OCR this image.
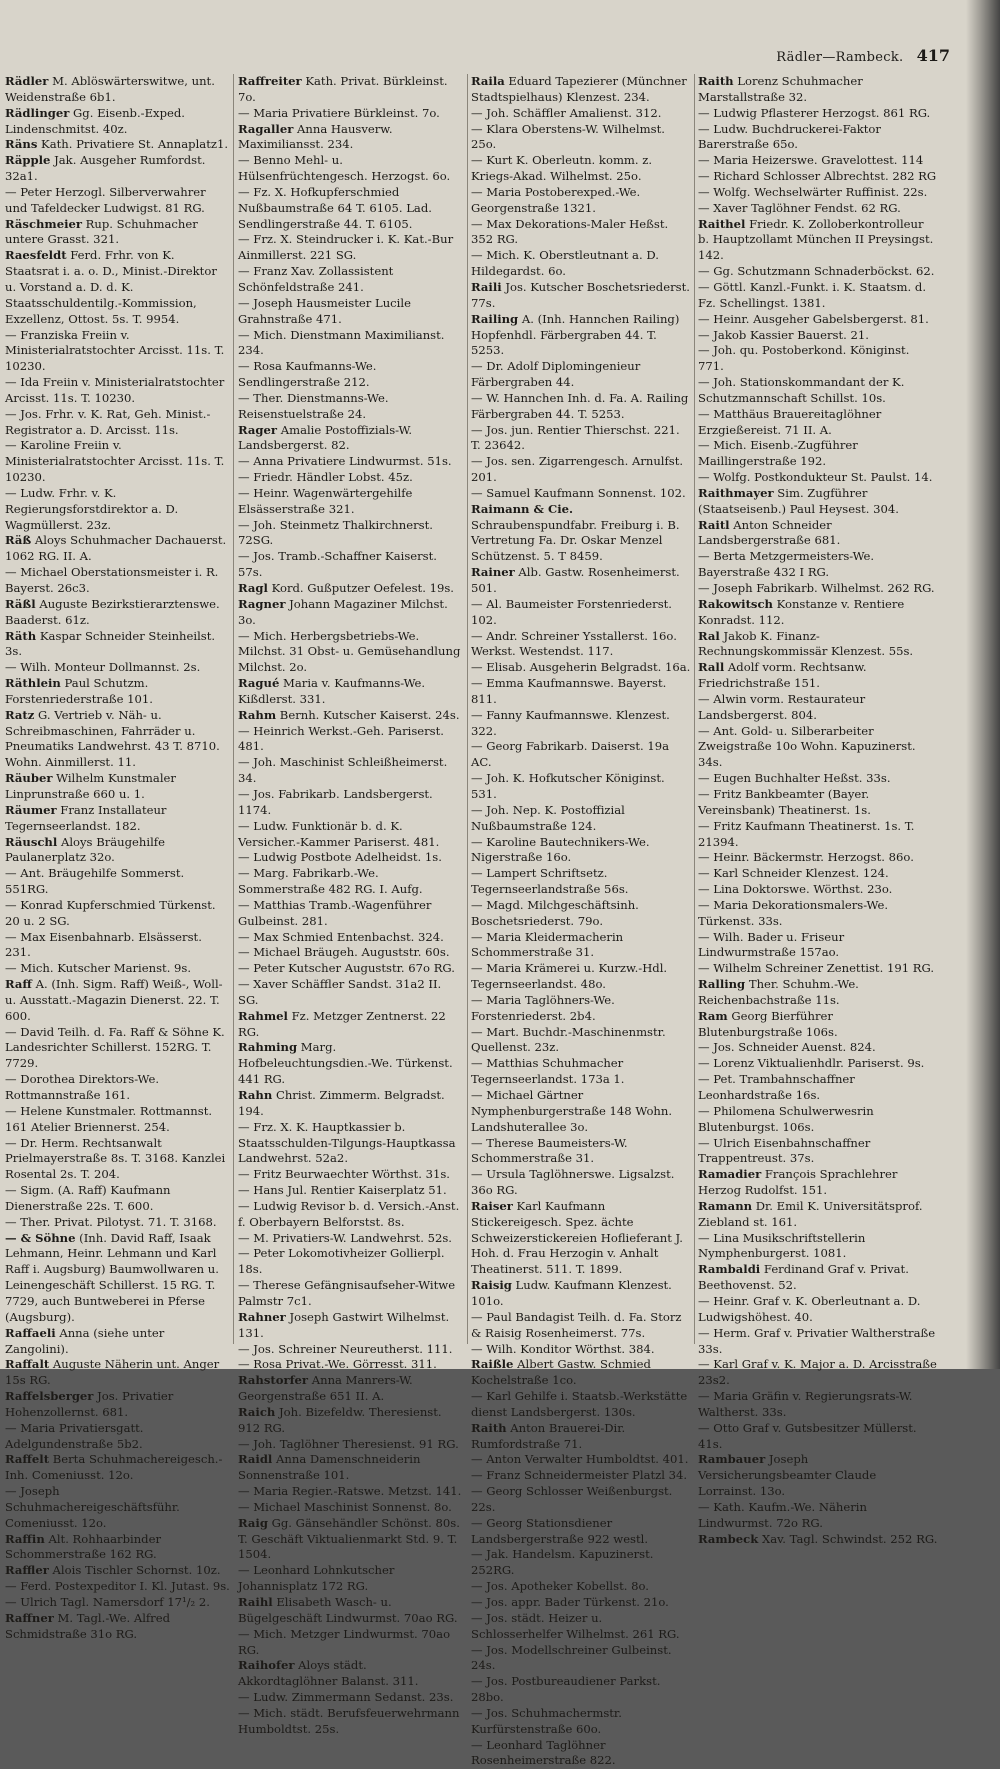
Rädler—Rambeck. 417

Rädler M. Ablöswärterswitwe, unt. Weidenstraße 6b1.

Rädlinger Gg. Eisenb.-Exped. Lindenschmitst. 40z.

Räns Kath. Privatiere St. Annaplatz1.

Räpple Jak. Ausgeher Rumfordst. 32a1.

— Peter Herzogl. Silberverwahrer und Tafeldecker Ludwigst. 81 RG.

Räschmeier Rup. Schuhmacher untere Grasst. 321.

Raesfeldt Ferd. Frhr. von K. Staatsrat i. a. o. D., Minist.-Direktor u. Vorstand a. D. d. K. Staatsschuldentilg.-Kommission, Exzellenz, Ottost. 5s. T. 9954.

— Franziska Freiin v. Ministerialratstochter Arcisst. 11s. T. 10230.

— Ida Freiin v. Ministerialratstochter Arcisst. 11s. T. 10230.

— Jos. Frhr. v. K. Rat, Geh. Minist.-Registrator a. D. Arcisst. 11s.

— Karoline Freiin v. Ministerialratstochter Arcisst. 11s. T. 10230.

— Ludw. Frhr. v. K. Regierungsforstdirektor a. D. Wagmüllerst. 23z.

Räß Aloys Schuhmacher Dachauerst. 1062 RG. II. A.

— Michael Oberstationsmeister i. R. Bayerst. 26c3.

Räßl Auguste Bezirkstierarztenswe. Baaderst. 61z.

Räth Kaspar Schneider Steinheilst. 3s.

— Wilh. Monteur Dollmannst. 2s.

Räthlein Paul Schutzm. Forstenriederstraße 101.

Ratz G. Vertrieb v. Näh- u. Schreibmaschinen, Fahrräder u. Pneumatiks Landwehrst. 43 T. 8710. Wohn. Ainmillerst. 11.

Räuber Wilhelm Kunstmaler Linprunstraße 660 u. 1.

Räumer Franz Installateur Tegernseerlandst. 182.

Räuschl Aloys Bräugehilfe Paulanerplatz 32o.

— Ant. Bräugehilfe Sommerst. 551RG.

— Konrad Kupferschmied Türkenst. 20 u. 2 SG.

— Max Eisenbahnarb. Elsässerst. 231.

— Mich. Kutscher Marienst. 9s.

Raff A. (Inh. Sigm. Raff) Weiß-, Woll- u. Ausstatt.-Magazin Dienerst. 22. T. 600.

— David Teilh. d. Fa. Raff & Söhne K. Landesrichter Schillerst. 152RG. T. 7729.

— Dorothea Direktors-We. Rottmannstraße 161.

— Helene Kunstmaler. Rottmannst. 161 Atelier Briennerst. 254.

— Dr. Herm. Rechtsanwalt Prielmayerstraße 8s. T. 3168. Kanzlei Rosental 2s. T. 204.

— Sigm. (A. Raff) Kaufmann Dienerstraße 22s. T. 600.

— Ther. Privat. Pilotyst. 71. T. 3168.

— & Söhne (Inh. David Raff, Isaak Lehmann, Heinr. Lehmann und Karl Raff i. Augsburg) Baumwollwaren u. Leinengeschäft Schillerst. 15 RG. T. 7729, auch Buntweberei in Pferse (Augsburg).

Raffaeli Anna (siehe unter Zangolini).

Raffalt Auguste Näherin unt. Anger 15s RG.

Raffelsberger Jos. Privatier Hohenzollernst. 681.

— Maria Privatiersgatt. Adelgundenstraße 5b2.

Raffelt Berta Schuhmachereigesch.-Inh. Comeniusst. 12o.

— Joseph Schuhmachereigeschäftsführ. Comeniusst. 12o.

Raffin Alt. Rohhaarbinder Schommerstraße 162 RG.

Raffler Alois Tischler Schornst. 10z.

— Ferd. Postexpeditor I. Kl. Jutast. 9s.

— Ulrich Tagl. Namersdorf 17¹/₂ 2.

Raffner M. Tagl.-We. Alfred Schmidstraße 31o RG.

Raffreiter Kath. Privat. Bürkleinst. 7o.

— Maria Privatiere Bürkleinst. 7o.

Ragaller Anna Hausverw. Maximiliansst. 234.

— Benno Mehl- u. Hülsenfrüchtengesch. Herzogst. 6o.

— Fz. X. Hofkupferschmied Nußbaumstraße 64 T. 6105. Lad. Sendlingerstraße 44. T. 6105.

— Frz. X. Steindrucker i. K. Kat.-Bur Ainmillerst. 221 SG.

— Franz Xav. Zollassistent Schönfeldstraße 241.

— Joseph Hausmeister Lucile Grahnstraße 471.

— Mich. Dienstmann Maximilianst. 234.

— Rosa Kaufmanns-We. Sendlingerstraße 212.

— Ther. Dienstmanns-We. Reisenstuelstraße 24.

Rager Amalie Postoffizials-W. Landsbergerst. 82.

— Anna Privatiere Lindwurmst. 51s.

— Friedr. Händler Lobst. 45z.

— Heinr. Wagenwärtergehilfe Elsässerstraße 321.

— Joh. Steinmetz Thalkirchnerst. 72SG.

— Jos. Tramb.-Schaffner Kaiserst. 57s.

Ragl Kord. Gußputzer Oefelest. 19s.

Ragner Johann Magaziner Milchst. 3o.

— Mich. Herbergsbetriebs-We. Milchst. 31 Obst- u. Gemüsehandlung Milchst. 2o.

Ragué Maria v. Kaufmanns-We. Kißdlerst. 331.

Rahm Bernh. Kutscher Kaiserst. 24s.

— Heinrich Werkst.-Geh. Pariserst. 481.

— Joh. Maschinist Schleißheimerst. 34.

— Jos. Fabrikarb. Landsbergerst. 1174.

— Ludw. Funktionär b. d. K. Versicher.-Kammer Pariserst. 481.

— Ludwig Postbote Adelheidst. 1s.

— Marg. Fabrikarb.-We. Sommerstraße 482 RG. I. Aufg.

— Matthias Tramb.-Wagenführer Gulbeinst. 281.

— Max Schmied Entenbachst. 324.

— Michael Bräugeh. Auguststr. 60s.

— Peter Kutscher Auguststr. 67o RG.

— Xaver Schäffler Sandst. 31a2 II. SG.

Rahmel Fz. Metzger Zentnerst. 22 RG.

Rahming Marg. Hofbeleuchtungsdien.-We. Türkenst. 441 RG.

Rahn Christ. Zimmerm. Belgradst. 194.

— Frz. X. K. Hauptkassier b. Staatsschulden-Tilgungs-Hauptkassa Landwehrst. 52a2.

— Fritz Beurwaechter Wörthst. 31s.

— Hans Jul. Rentier Kaiserplatz 51.

— Ludwig Revisor b. d. Versich.-Anst. f. Oberbayern Belforstst. 8s.

— M. Privatiers-W. Landwehrst. 52s.

— Peter Lokomotivheizer Gollierpl. 18s.

— Therese Gefängnisaufseher-Witwe Palmstr 7c1.

Rahner Joseph Gastwirt Wilhelmst. 131.

— Jos. Schreiner Neureutherst. 111.

— Rosa Privat.-We. Görresst. 311.

Rahstorfer Anna Manrers-W. Georgenstraße 651 II. A.

Raich Joh. Bizefeldw. Theresienst. 912 RG.

— Joh. Taglöhner Theresienst. 91 RG.

Raidl Anna Damenschneiderin Sonnenstraße 101.

— Maria Regier.-Ratswe. Metzst. 141.

— Michael Maschinist Sonnenst. 8o.

Raig Gg. Gänsehändler Schönst. 80s. T. Geschäft Viktualienmarkt Std. 9. T. 1504.

— Leonhard Lohnkutscher Johannisplatz 172 RG.

Raihl Elisabeth Wasch- u. Bügelgeschäft Lindwurmst. 70ao RG.

— Mich. Metzger Lindwurmst. 70ao RG.

Raihofer Aloys städt. Akkordtaglöhner Balanst. 311.

— Ludw. Zimmermann Sedanst. 23s.

— Mich. städt. Berufsfeuerwehrmann Humboldtst. 25s.

Raila Eduard Tapezierer (Münchner Stadtspielhaus) Klenzest. 234.

— Joh. Schäffler Amalienst. 312.

— Klara Oberstens-W. Wilhelmst. 25o.

— Kurt K. Oberleutn. komm. z. Kriegs-Akad. Wilhelmst. 25o.

— Maria Postoberexped.-We. Georgenstraße 1321.

— Max Dekorations-Maler Heßst. 352 RG.

— Mich. K. Oberstleutnant a. D. Hildegardst. 6o.

Raili Jos. Kutscher Boschetsriederst. 77s.

Railing A. (Inh. Hannchen Railing) Hopfenhdl. Färbergraben 44. T. 5253.

— Dr. Adolf Diplomingenieur Färbergraben 44.

— W. Hannchen Inh. d. Fa. A. Railing Färbergraben 44. T. 5253.

— Jos. jun. Rentier Thierschst. 221. T. 23642.

— Jos. sen. Zigarrengesch. Arnulfst. 201.

— Samuel Kaufmann Sonnenst. 102.

Raimann & Cie. Schraubenspundfabr. Freiburg i. B. Vertretung Fa. Dr. Oskar Menzel Schützenst. 5. T 8459.

Rainer Alb. Gastw. Rosenheimerst. 501.

— Al. Baumeister Forstenriederst. 102.

— Andr. Schreiner Ysstallerst. 16o. Werkst. Westendst. 117.

— Elisab. Ausgeherin Belgradst. 16a.

— Emma Kaufmannswe. Bayerst. 811.

— Fanny Kaufmannswe. Klenzest. 322.

— Georg Fabrikarb. Daiserst. 19a AC.

— Joh. K. Hofkutscher Königinst. 531.

— Joh. Nep. K. Postoffizial Nußbaumstraße 124.

— Karoline Bautechnikers-We. Nigerstraße 16o.

— Lampert Schriftsetz. Tegernseerlandstraße 56s.

— Magd. Milchgeschäftsinh. Boschetsriederst. 79o.

— Maria Kleidermacherin Schommerstraße 31.

— Maria Krämerei u. Kurzw.-Hdl. Tegernseerlandst. 48o.

— Maria Taglöhners-We. Forstenriederst. 2b4.

— Mart. Buchdr.-Maschinenmstr. Quellenst. 23z.

— Matthias Schuhmacher Tegernseerlandst. 173a 1.

— Michael Gärtner Nymphenburgerstraße 148 Wohn. Landshuterallee 3o.

— Therese Baumeisters-W. Schommerstraße 31.

— Ursula Taglöhnerswe. Ligsalzst. 36o RG.

Raiser Karl Kaufmann Stickereigesch. Spez. ächte Schweizerstickereien Hoflieferant J. Hoh. d. Frau Herzogin v. Anhalt Theatinerst. 511. T. 1899.

Raisig Ludw. Kaufmann Klenzest. 101o.

— Paul Bandagist Teilh. d. Fa. Storz & Raisig Rosenheimerst. 77s.

— Wilh. Konditor Wörthst. 384.

Raißle Albert Gastw. Schmied Kochelstraße 1co.

— Karl Gehilfe i. Staatsb.-Werkstätte dienst Landsbergerst. 130s.

Raith Anton Brauerei-Dir. Rumfordstraße 71.

— Anton Verwalter Humboldtst. 401.

— Franz Schneidermeister Platzl 34.

— Georg Schlosser Weißenburgst. 22s.

— Georg Stationsdiener Landsbergerstraße 922 westl.

— Jak. Handelsm. Kapuzinerst. 252RG.

— Jos. Apotheker Kobellst. 8o.

— Jos. appr. Bader Türkenst. 21o.

— Jos. städt. Heizer u. Schlosserhelfer Wilhelmst. 261 RG.

— Jos. Modellschreiner Gulbeinst. 24s.

— Jos. Postbureaudiener Parkst. 28bo.

— Jos. Schuhmachermstr. Kurfürstenstraße 60o.

— Leonhard Taglöhner Rosenheimerstraße 822.

Raith Lorenz Schuhmacher Marstallstraße 32.

— Ludwig Pflasterer Herzogst. 861 RG.

— Ludw. Buchdruckerei-Faktor Barerstraße 65o.

— Maria Heizerswe. Gravelottest. 114

— Richard Schlosser Albrechtst. 282 RG

— Wolfg. Wechselwärter Ruffinist. 22s.

— Xaver Taglöhner Fendst. 62 RG.

Raithel Friedr. K. Zolloberkontrolleur b. Hauptzollamt München II Preysingst. 142.

— Gg. Schutzmann Schnaderböckst. 62.

— Göttl. Kanzl.-Funkt. i. K. Staatsm. d. Fz. Schellingst. 1381.

— Heinr. Ausgeher Gabelsbergerst. 81.

— Jakob Kassier Bauerst. 21.

— Joh. qu. Postoberkond. Königinst. 771.

— Joh. Stationskommandant der K. Schutzmannschaft Schillst. 10s.

— Matthäus Brauereitaglöhner Erzgießereist. 71 II. A.

— Mich. Eisenb.-Zugführer Maillingerstraße 192.

— Wolfg. Postkondukteur St. Paulst. 14.

Raithmayer Sim. Zugführer (Staatseisenb.) Paul Heysest. 304.

Raitl Anton Schneider Landsbergerstraße 681.

— Berta Metzgermeisters-We. Bayerstraße 432 I RG.

— Joseph Fabrikarb. Wilhelmst. 262 RG.

Rakowitsch Konstanze v. Rentiere Konradst. 112.

Ral Jakob K. Finanz-Rechnungskommissär Klenzest. 55s.

Rall Adolf vorm. Rechtsanw. Friedrichstraße 151.

— Alwin vorm. Restaurateur Landsbergerst. 804.

— Ant. Gold- u. Silberarbeiter Zweigstraße 10o Wohn. Kapuzinerst. 34s.

— Eugen Buchhalter Heßst. 33s.

— Fritz Bankbeamter (Bayer. Vereinsbank) Theatinerst. 1s.

— Fritz Kaufmann Theatinerst. 1s. T. 21394.

— Heinr. Bäckermstr. Herzogst. 86o.

— Karl Schneider Klenzest. 124.

— Lina Doktorswe. Wörthst. 23o.

— Maria Dekorationsmalers-We. Türkenst. 33s.

— Wilh. Bader u. Friseur Lindwurmstraße 157ao.

— Wilhelm Schreiner Zenettist. 191 RG.

Ralling Ther. Schuhm.-We. Reichenbachstraße 11s.

Ram Georg Bierführer Blutenburgstraße 106s.

— Jos. Schneider Auenst. 824.

— Lorenz Viktualienhdlr. Pariserst. 9s.

— Pet. Trambahnschaffner Leonhardstraße 16s.

— Philomena Schulwerwesrin Blutenburgst. 106s.

— Ulrich Eisenbahnschaffner Trappentreust. 37s.

Ramadier François Sprachlehrer Herzog Rudolfst. 151.

Ramann Dr. Emil K. Universitätsprof. Ziebland st. 161.

— Lina Musikschriftstellerin Nymphenburgerst. 1081.

Rambaldi Ferdinand Graf v. Privat. Beethovenst. 52.

— Heinr. Graf v. K. Oberleutnant a. D. Ludwigshöhest. 40.

— Herm. Graf v. Privatier Waltherstraße 33s.

— Karl Graf v. K. Major a. D. Arcisstraße 23s2.

— Maria Gräfin v. Regierungsrats-W. Waltherst. 33s.

— Otto Graf v. Gutsbesitzer Müllerst. 41s.

Rambauer Joseph Versicherungsbeamter Claude Lorrainst. 13o.

— Kath. Kaufm.-We. Näherin Lindwurmst. 72o RG.

Rambeck Xav. Tagl. Schwindst. 252 RG.
